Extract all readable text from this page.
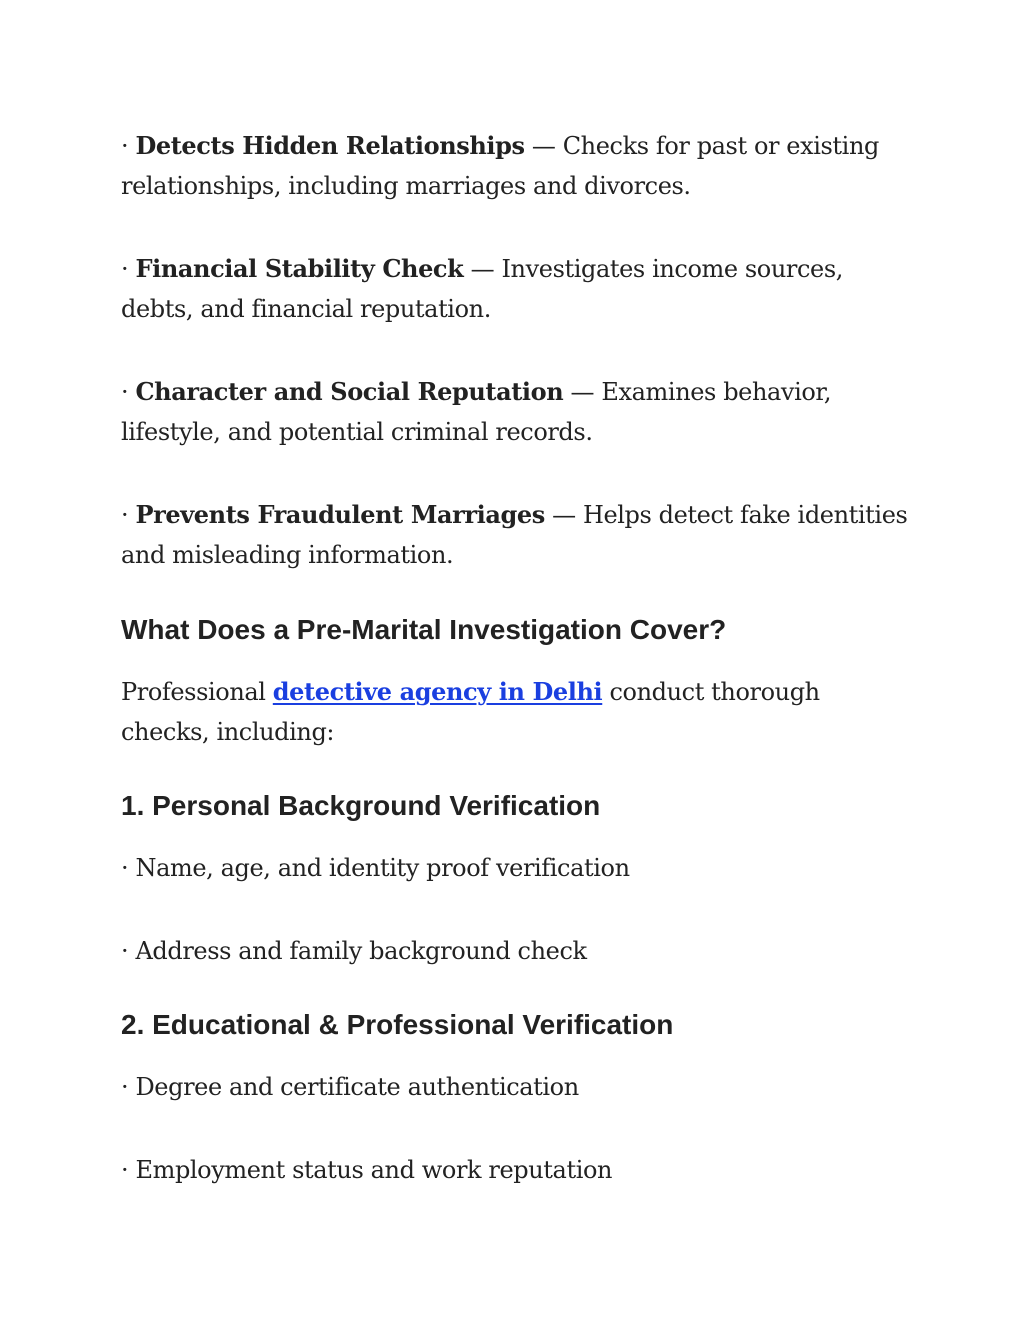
· Detects Hidden Relationships — Checks for past or existing relationships, including marriages and divorces.

· Financial Stability Check — Investigates income sources, debts, and financial reputation.

· Character and Social Reputation — Examines behavior, lifestyle, and potential criminal records.

· Prevents Fraudulent Marriages — Helps detect fake identities and misleading information.

What Does a Pre-Marital Investigation Cover?

Professional detective agency in Delhi conduct thorough checks, including:

1. Personal Background Verification

· Name, age, and identity proof verification

· Address and family background check

2. Educational & Professional Verification

· Degree and certificate authentication

· Employment status and work reputation
